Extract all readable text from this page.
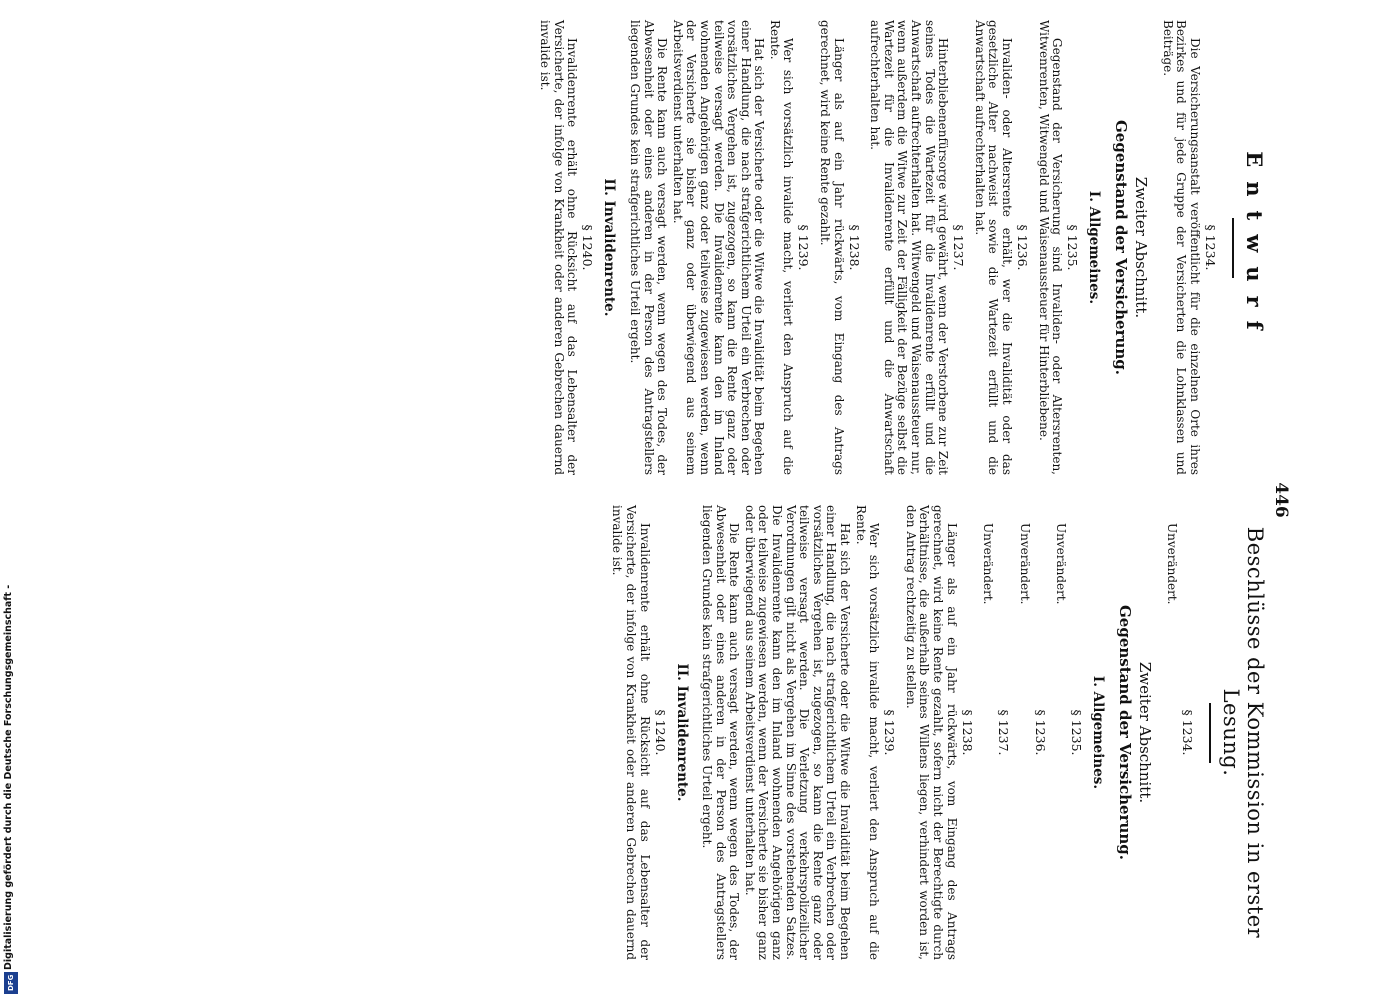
446
Entwurf
§ 1234.

Die Versicherungsanstalt veröffentlicht für die einzelnen Orte ihres Bezirkes und für jede Gruppe der Versicherten die Lohnklassen und Beiträge.

Zweiter Abschnitt.
Gegenstand der Versicherung.
I. Allgemeines.
§ 1235.

Gegenstand der Versicherung sind Invaliden- oder Altersrenten, Witwenrenten, Witwengeld und Waisenaussteuer für Hinterbliebene.

§ 1236.

Invaliden- oder Altersrente erhält, wer die Invalidität oder das gesetzliche Alter nachweist sowie die Wartezeit erfüllt und die Anwartschaft aufrechterhalten hat.

§ 1237.

Hinterbliebenenfürsorge wird gewährt, wenn der Verstorbene zur Zeit seines Todes die Wartezeit für die Invalidenrente erfüllt und die Anwartschaft aufrechterhalten hat. Witwengeld und Waisenaussteuer nur, wenn außerdem die Witwe zur Zeit der Fälligkeit der Bezüge selbst die Wartezeit für die Invalidenrente erfüllt und die Anwartschaft aufrechterhalten hat.

§ 1238.

Länger als auf ein Jahr rückwärts, vom Eingang des Antrags gerechnet, wird keine Rente gezahlt.

§ 1239.

Wer sich vorsätzlich invalide macht, verliert den Anspruch auf die Rente.

Hat sich der Versicherte oder die Witwe die Invalidität beim Begehen einer Handlung, die nach strafgerichtlichem Urteil ein Verbrechen oder vorsätzliches Vergehen ist, zugezogen, so kann die Rente ganz oder teilweise versagt werden. Die Invalidenrente kann den im Inland wohnenden Angehörigen ganz oder teilweise zugewiesen werden, wenn der Versicherte sie bisher ganz oder überwiegend aus seinem Arbeitsverdienst unterhalten hat.

Die Rente kann auch versagt werden, wenn wegen des Todes, der Abwesenheit oder eines anderen in der Person des Antragstellers liegenden Grundes kein strafgerichtliches Urteil ergeht.

II. Invalidenrente.
§ 1240.

Invalidenrente erhält ohne Rücksicht auf das Lebensalter der Versicherte, der infolge von Krankheit oder anderen Gebrechen dauernd invalide ist.

Beschlüsse der Kommission in erster Lesung.
§ 1234.

Unverändert.

Zweiter Abschnitt.
Gegenstand der Versicherung.
I. Allgemeines.
§ 1235.

Unverändert.

§ 1236.

Unverändert.

§ 1237.

Unverändert.

§ 1238.

Länger als auf ein Jahr rückwärts, vom Eingang des Antrags gerechnet, wird keine Rente gezahlt, sofern nicht der Berechtigte durch Verhältnisse, die außerhalb seines Willens liegen, verhindert worden ist, den Antrag rechtzeitig zu stellen.

§ 1239.

Wer sich vorsätzlich invalide macht, verliert den Anspruch auf die Rente.

Hat sich der Versicherte oder die Witwe die Invalidität beim Begehen einer Handlung, die nach strafgerichtlichem Urteil ein Verbrechen oder vorsätzliches Vergehen ist, zugezogen, so kann die Rente ganz oder teilweise versagt werden. Die Verletzung verkehrspolizeilicher Verordnungen gilt nicht als Vergehen im Sinne des vorstehenden Satzes. Die Invalidenrente kann den im Inland wohnenden Angehörigen ganz oder teilweise zugewiesen werden, wenn der Versicherte sie bisher ganz oder überwiegend aus seinem Arbeitsverdienst unterhalten hat.

Die Rente kann auch versagt werden, wenn wegen des Todes, der Abwesenheit oder eines anderen in der Person des Antragstellers liegenden Grundes kein strafgerichtliches Urteil ergeht.

II. Invalidenrente.
§ 1240.

Invalidenrente erhält ohne Rücksicht auf das Lebensalter der Versicherte, der infolge von Krankheit oder anderen Gebrechen dauernd invalide ist.

Digitalisierung gefördert durch die Deutsche Forschungsgemeinschaft -
DFG
